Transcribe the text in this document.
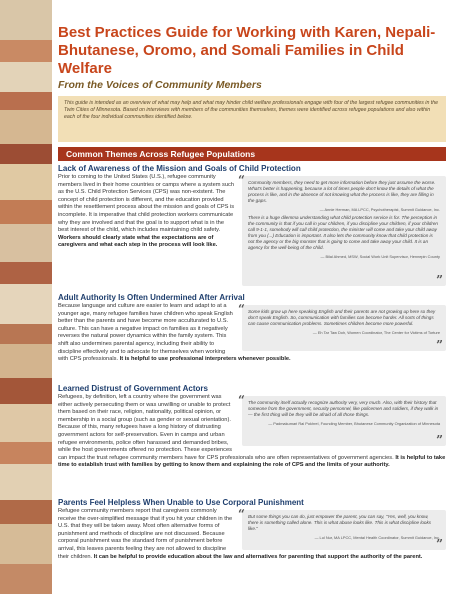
Best Practices Guide for Working with Karen, Nepali-Bhutanese, Oromo, and Somali Families in Child Welfare
From the Voices of Community Members
This guide is intended as an overview of what may help and what may hinder child welfare professionals engage with four of the largest refugee communities in the Twin Cities of Minnesota. Based on interviews with members of the communities themselves, themes were identified across refugee populations and also within each of the four individual communities identified below.
Common Themes Across Refugee Populations
Lack of Awareness of the Mission and Goals of Child Protection
“ Community members, they need to get more information before they just assume the worse. What's better is happening, because a lot of times people don't know the details of what the process is like, and in the absence of not knowing what the process is like, they are filling in the gaps.
— Annie Herman, MA LPCC, Psychotherapist, Summit Guidance, Inc.
There is a huge dilemma understanding what child protection service is for. The perception in the community is that if you call in your children, if you discipline your children, if your children call 9-1-1, somebody will call child protection, the minister will come and take your child away from you (...) Education is important. It also lets the community know that child protection is not the agency or the big monster that is going to come and take away your child. It is an agency for the well-being of the child.
— Bilal Ahmed, MSW, Social Work Unit Supervisor, Hennepin County
”
Prior to coming to the United States (U.S.), refugee community members lived in their home countries or camps where a system such as the U.S. Child Protection Services (CPS) was non-existent. The concept of child protection is different, and the education provided within the resettlement process about the mission and goals of CPS is incomplete. It is imperative that child protection workers communicate why they are involved and that the goal is to support what is in the best interest of the child, which includes maintaining child safety. Workers should clearly state what the expectations are of caregivers and what each step in the process will look like.
Adult Authority Is Often Undermined After Arrival
“ Some kids grow up here speaking English and their parents are not growing up here so they don't speak English. So, communication with families can become harder. All sorts of things can cause communication problems. Sometimes children become more powerful.
— Eh Tar Taw Doh, Women Coordinator, The Center for Victims of Torture
”
Because language and culture are easier to learn and adapt to at a younger age, many refugee families have children who speak English better than the parents and have become more acculturated to U.S. culture. This can have a negative impact on families as it negatively reverses the natural power dynamics within the family system. This shift also undermines parental agency, including their ability to discipline effectively and to advocate for themselves when working with CPS professionals. It is helpful to use professional interpreters whenever possible.
Learned Distrust of Government Actors
“ The community itself actually recognize authority very, very much. Also, with their history that someone from the government, security personnel, like policemen and soldiers, if they walk in — the first thing will be they will be afraid of all those things.
— Padmakumari Rai Pokhrel, Founding Member, Bhutanese Community Organization of Minnesota
”
Refugees, by definition, left a country where the government was either actively persecuting them or was unwilling or unable to protect them based on their race, religion, nationality, political opinion, or membership in a social group (such as gender or sexual orientation). Because of this, many refugees have a long history of distrusting government actors for self-preservation. Even in camps and urban refugee environments, police often harassed and demanded bribes, while the host governments offered no protection. These experiences can impact the trust refugee community members have for CPS professionals who are often representatives of government agencies. It is helpful to take time to establish trust with families by getting to know them and explaining the role of CPS and the limits of your authority.
Parents Feel Helpless When Unable to Use Corporal Punishment
“ But some things you can do, just empower the parent, you can say, "Yes, well, you know, there is something called alone. This is what abuse looks like. This is what discipline looks like."
— Lul Nur, MA LPCC, Mental Health Coordinator, Summit Guidance, Inc.
”
Refugee community members report that caregivers commonly receive the over-simplified message that if you hit your children in the U.S. that they will be taken away. Most often alternative forms of punishment and methods of discipline are not discussed. Because corporal punishment was the standard form of punishment before arrival, this leaves parents feeling they are not allowed to discipline their children. It can be helpful to provide education about the law and alternatives for parenting that support the authority of the parent.
